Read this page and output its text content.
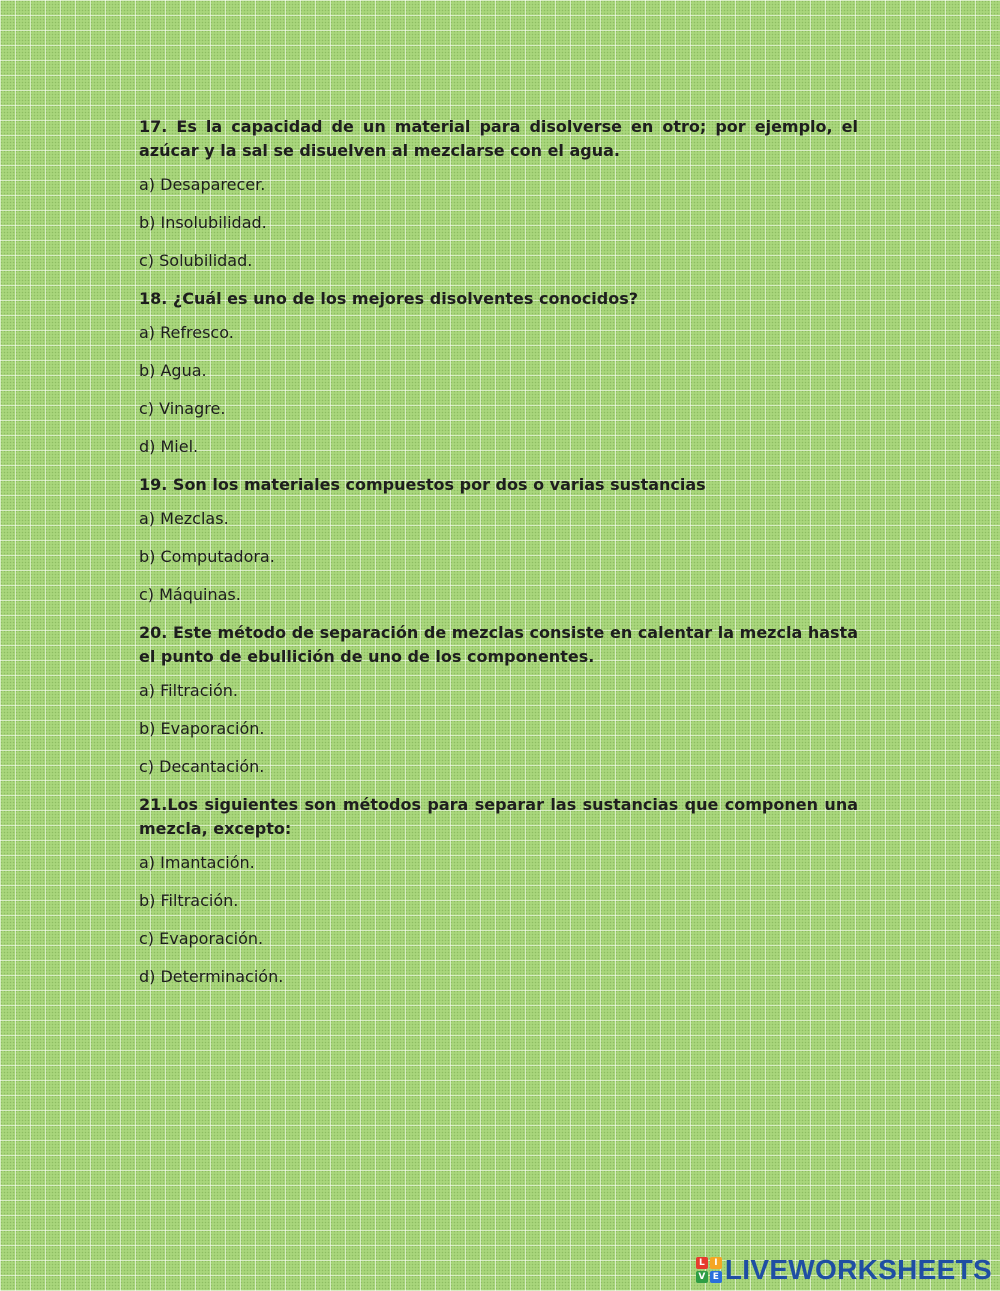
17. Es la capacidad de un material para disolverse en otro; por ejemplo, el azúcar y la sal se disuelven al mezclarse con el agua.

a) Desaparecer.

b) Insolubilidad.

c) Solubilidad.

18. ¿Cuál es uno de los mejores disolventes conocidos?

a) Refresco.

b) Agua.

c) Vinagre.

d) Miel.

19. Son los materiales compuestos por dos o varias sustancias

a) Mezclas.

b) Computadora.

c) Máquinas.

20. Este método de separación de mezclas consiste en calentar la mezcla hasta el punto de ebullición de uno de los componentes.

a) Filtración.

b) Evaporación.

c) Decantación.

21.Los siguientes son métodos para separar las sustancias que componen una mezcla, excepto:

a) Imantación.

b) Filtración.

c) Evaporación.

d) Determinación.

L	I
V E LIVEWORKSHEETS
